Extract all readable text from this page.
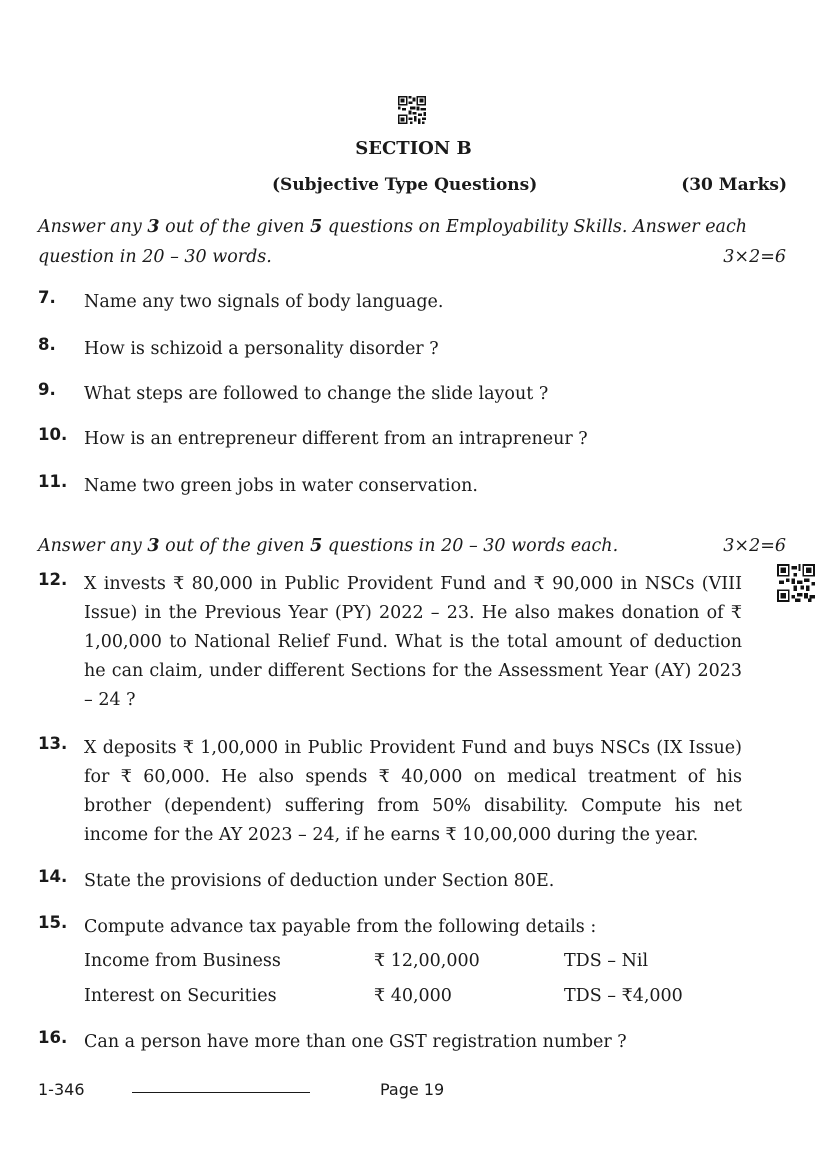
SECTION B
(Subjective Type Questions)	(30 Marks)
Answer any 3 out of the given 5 questions on Employability Skills. Answer each
question in 20 – 30 words.	3×2=6
7. Name any two signals of body language.
8. How is schizoid a personality disorder ?
9. What steps are followed to change the slide layout ?
10. How is an entrepreneur different from an intrapreneur ?
11. Name two green jobs in water conservation.
Answer any 3 out of the given 5 questions in 20 – 30 words each.	3×2=6
12. X invests ₹ 80,000 in Public Provident Fund and ₹ 90,000 in NSCs (VIII Issue) in the Previous Year (PY) 2022 – 23. He also makes donation of ₹ 1,00,000 to National Relief Fund. What is the total amount of deduction he can claim, under different Sections for the Assessment Year (AY) 2023 – 24 ?
13. X deposits ₹ 1,00,000 in Public Provident Fund and buys NSCs (IX Issue) for ₹ 60,000. He also spends ₹ 40,000 on medical treatment of his brother (dependent) suffering from 50% disability. Compute his net income for the AY 2023 – 24, if he earns ₹ 10,00,000 during the year.
14. State the provisions of deduction under Section 80E.
15. Compute advance tax payable from the following details :
Income from Business	₹ 12,00,000	TDS – Nil
Interest on Securities	₹ 40,000	TDS – ₹4,000
16. Can a person have more than one GST registration number ?
1-346	Page 19
